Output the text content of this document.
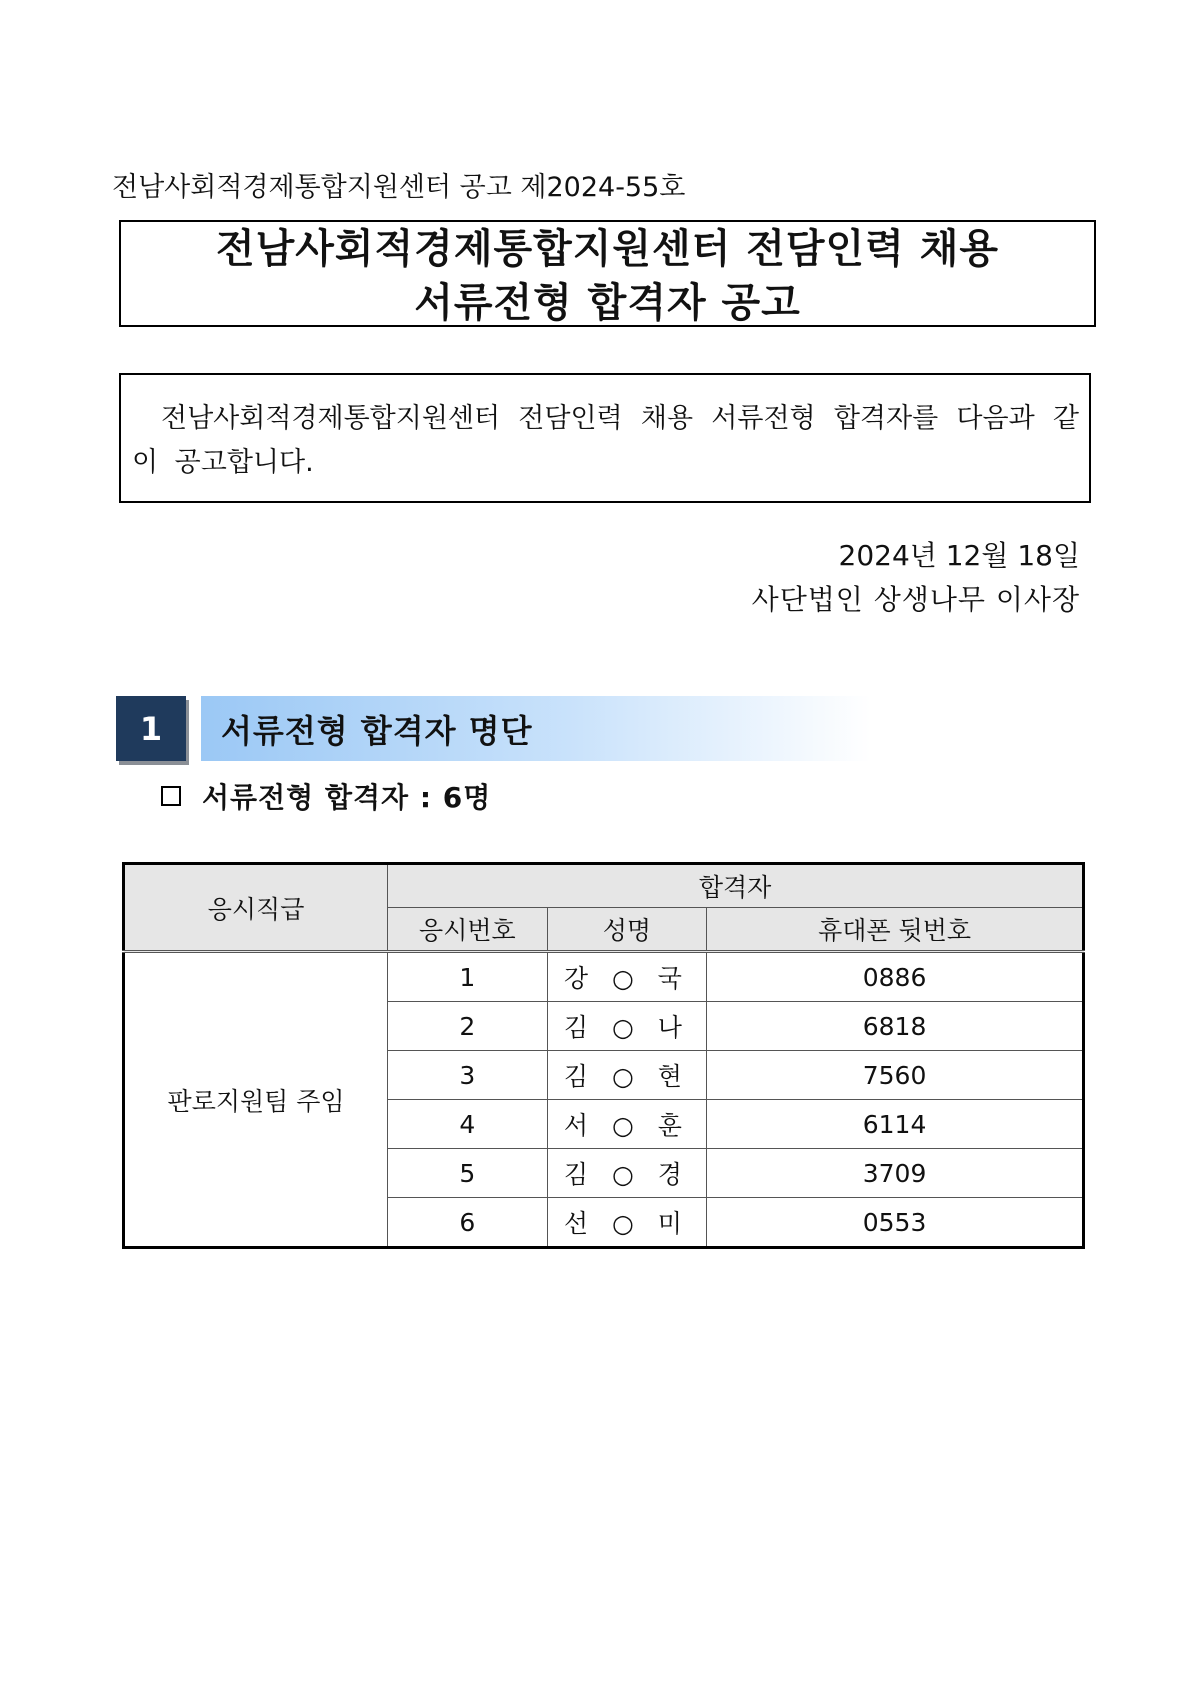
전남사회적경제통합지원센터 공고 제2024-55호
전남사회적경제통합지원센터 전담인력 채용
서류전형 합격자 공고
전남사회적경제통합지원센터 전담인력 채용 서류전형 합격자를 다음과 같이 공고합니다.
2024년 12월 18일
사단법인 상생나무 이사장
1	서류전형 합격자 명단
서류전형 합격자 : 6명
응시직급	합격자		
	응시번호	성명	휴대폰 뒷번호
판로지원팀 주임	1	강 ○ 국	0886
	2	김 ○ 나	6818
	3	김 ○ 현	7560
	4	서 ○ 훈	6114
	5	김 ○ 경	3709
	6	선 ○ 미	0553
